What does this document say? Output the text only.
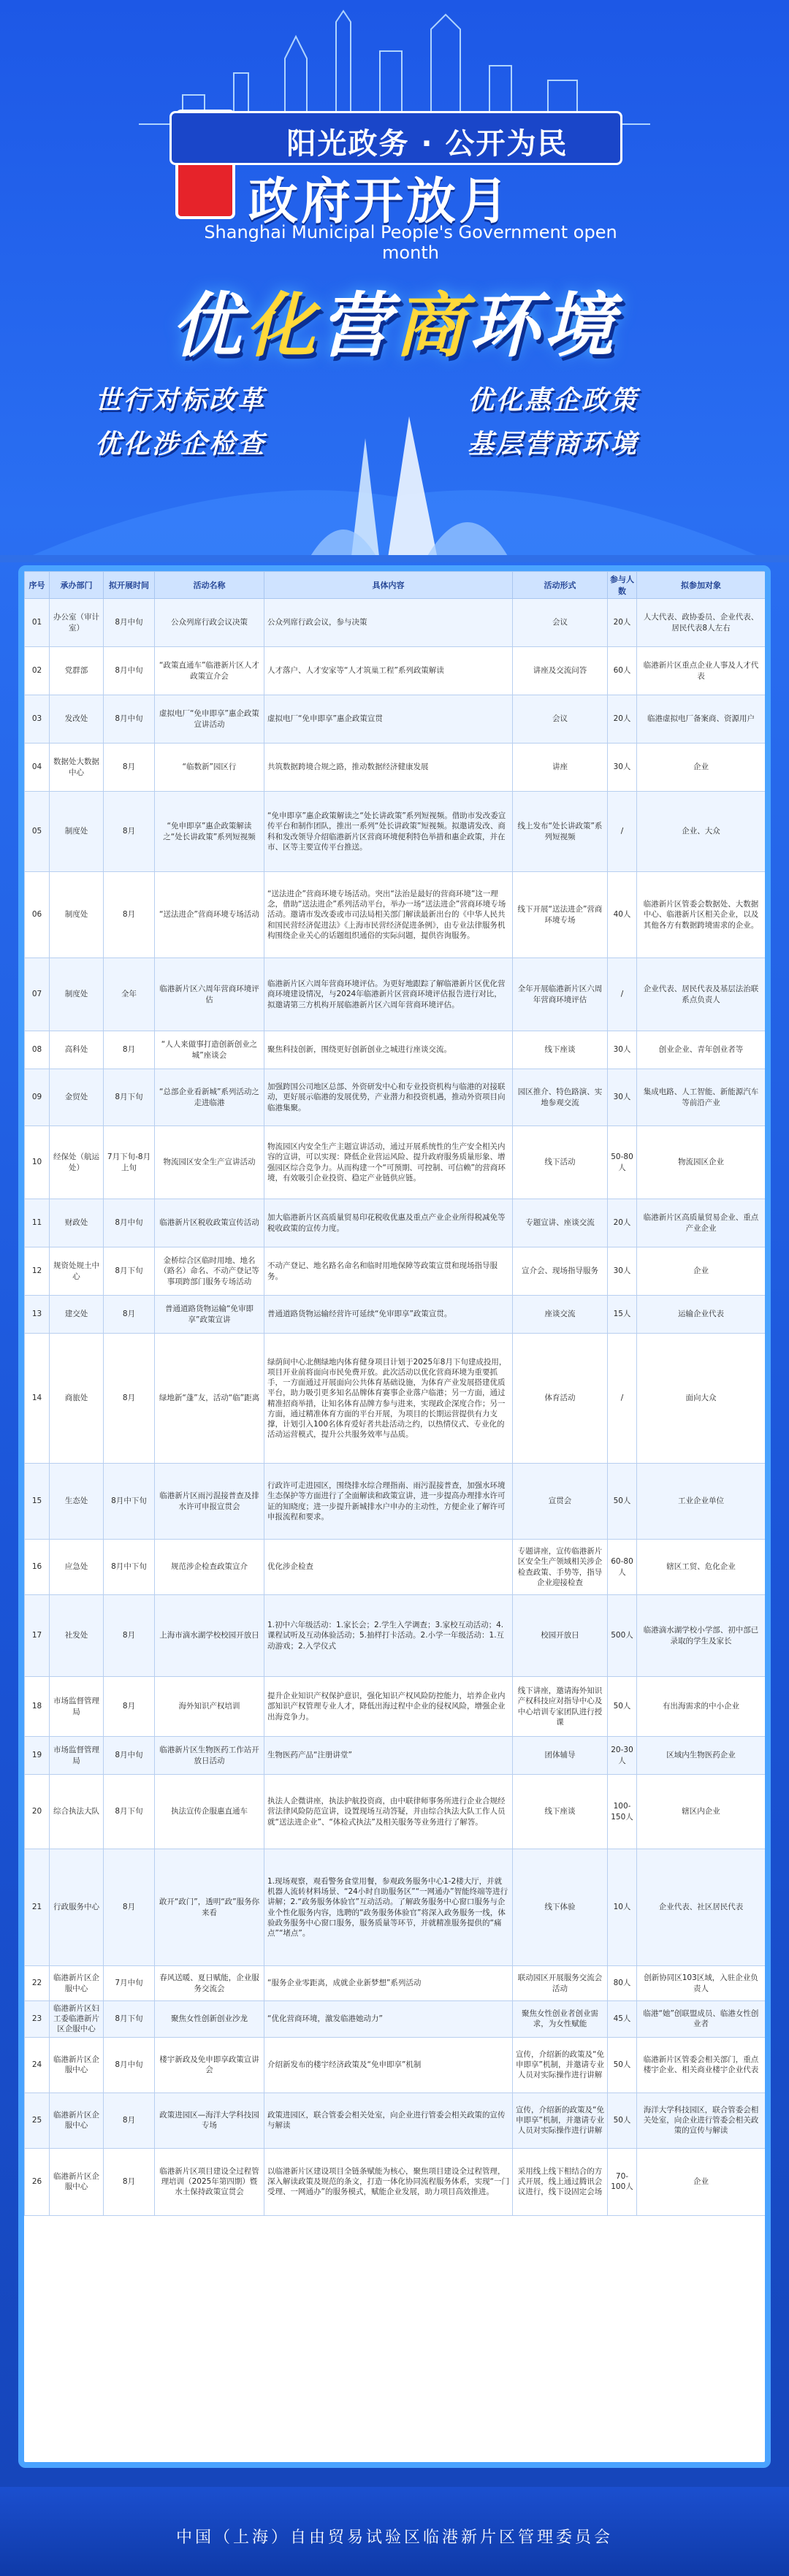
阳光政务 · 公开为民
政府开放月
Shanghai Municipal People's Government open month
优化营商环境
世行对标改革	优化惠企政策
优化涉企检查	基层营商环境
序号	承办部门	拟开展时间	活动名称	具体内容	活动形式	参与人数	拟参加对象
01	办公室（审计室）	8月中旬	公众列席行政会议决策	公众列席行政会议，参与决策	会议	20人	人大代表、政协委员、企业代表、居民代表8人左右
02	党群部	8月中旬	“政策直通车”临港新片区人才政策宣介会	人才落户、人才安家等“人才筑巢工程”系列政策解读	讲座及交流问答	60人	临港新片区重点企业人事及人才代表
03	发改处	8月中旬	虚拟电厂“免申即享”惠企政策宣讲活动	虚拟电厂“免申即享”惠企政策宣贯	会议	20人	临港虚拟电厂备案商、资源用户
04	数据处大数据中心	8月	“临数新”园区行	共筑数据跨境合规之路，推动数据经济健康发展	讲座	30人	企业
05	制度处	8月	“免申即享”惠企政策解读之“处长讲政策”系列短视频	“免申即享”惠企政策解读之“处长讲政策”系列短视频。借助市发改委宣传平台和制作团队，推出一系列“处长讲政策”短视频。拟邀请发改、商科和发改领导介绍临港新片区营商环境便利特色举措和惠企政策，并在市、区等主要宣传平台推送。	线上发布“处长讲政策”系列短视频	/	企业、大众
06	制度处	8月	“送法进企”营商环境专场活动	“送法进企”营商环境专场活动。突出“法治是最好的营商环境”这一理念，借助“送法进企”系列活动平台，举办一场“送法进企”营商环境专场活动。邀请市发改委或市司法局相关部门解读最新出台的《中华人民共和国民营经济促进法》《上海市民营经济促进条例》，由专业法律服务机构围绕企业关心的话题组织通俗的实际问题，提供咨询服务。	线下开展“送法进企”营商环境专场	40人	临港新片区管委会数据处、大数据中心、临港新片区相关企业，以及其他各方有数据跨境需求的企业。
07	制度处	全年	临港新片区六周年营商环境评估	临港新片区六周年营商环境评估。为更好地跟踪了解临港新片区优化营商环境建设情况，与2024年临港新片区营商环境评估报告进行对比，拟邀请第三方机构开展临港新片区六周年营商环境评估。	全年开展临港新片区六周年营商环境评估	/	企业代表、居民代表及基层法治联系点负责人
08	高科处	8月	“人人来做事打造创新创业之城”座谈会	聚焦科技创新，围绕更好创新创业之城进行座谈交流。	线下座谈	30人	创业企业、青年创业者等
09	金贸处	8月下旬	“总部企业看新城”系列活动之走进临港	加强跨国公司地区总部、外资研发中心和专业投资机构与临港的对接联动，更好展示临港的发展优势，产业潜力和投资机遇，推动外资项目向临港集聚。	园区推介、特色路演、实地参观交流	30人	集成电路、人工智能、新能源汽车等前沿产业
10	经保处（航运处）	7月下旬-8月上旬	物流园区安全生产宣讲活动	物流园区内安全生产主题宣讲活动，通过开展系统性的生产安全相关内容的宣讲，可以实现：降低企业营运风险、提升政府服务质量形象、增强园区综合竞争力。从而构建一个“可预期、可控制、可信赖”的营商环境，有效吸引企业投资、稳定产业链供应链。	线下活动	50-80人	物流园区企业
11	财政处	8月中旬	临港新片区税收政策宣传活动	加大临港新片区高质量贸易印花税收优惠及重点产业企业所得税减免等税收政策的宣传力度。	专题宣讲、座谈交流	20人	临港新片区高质量贸易企业、重点产业企业
12	规资处规土中心	8月下旬	金桥综合区临时用地、地名（路名）命名、不动产登记等事项跨部门服务专场活动	不动产登记、地名路名命名和临时用地保障等政策宣贯和现场指导服务。	宣介会、现场指导服务	30人	企业
13	建交处	8月	普通道路货物运输“免审即享”政策宣讲	普通道路货物运输经营许可延续“免审即享”政策宣贯。	座谈交流	15人	运输企业代表
14	商旅处	8月	绿地新“蓬”友，活动“临”距离	绿荫间中心北侧绿地内体育健身项目计划于2025年8月下旬建成投用，项目开业前将面向市民免费开放。此次活动以优化营商环境为重要抓手，一方面通过开展面向公共体育基础设施，为体育产业发展搭建优质平台，助力吸引更多知名品牌体育赛事企业落户临港；另一方面，通过精准招商举措，让知名体育品牌方参与进来，实现政企深度合作；另一方面，通过精准体育方面的平台开展，为项目的长期运营提供有力支撑，计划引入100名体育爱好者共赴活动之约，以热情仪式、专业化的活动运营模式，提升公共服务效率与品质。	体育活动	/	面向大众
15	生态处	8月中下旬	临港新片区雨污混接普查及排水许可申报宣贯会	行政许可走进园区，围绕排水综合理指南、雨污混接普查，加强水环境生态保护等方面进行了全面解读和政策宣讲，进一步提高办理排水许可证的知晓度；进一步提升新城排水户申办的主动性，方便企业了解许可申报流程和要求。	宣贯会	50人	工业企业单位
16	应急处	8月中下旬	规范涉企检查政策宣介	优化涉企检查	专题讲座，宣传临港新片区安全生产领域相关涉企检查政策、手势等，指导企业迎接检查	60-80人	辖区工贸、危化企业
17	社发处	8月	上海市滴水湖学校校园开放日	1.初中六年级活动：1.家长会；2.学生入学调查；3.家校互动活动；4.课程试听及互动体验活动；5.抽样打卡活动。2.小学一年级活动：1.互动游戏；2.入学仪式	校园开放日	500人	临港滴水湖学校小学部、初中部已录取的学生及家长
18	市场监督管理局	8月	海外知识产权培训	提升企业知识产权保护意识，强化知识产权风险防控能力，培养企业内部知识产权管理专业人才，降低出海过程中企业的侵权风险，增强企业出海竞争力。	线下讲座，邀请海外知识产权科技应对指导中心及中心培训专家团队进行授课	50人	有出海需求的中小企业
19	市场监督管理局	8月中旬	临港新片区生物医药工作站开放日活动	生物医药产品“注册讲堂”	团体辅导	20-30人	区域内生物医药企业
20	综合执法大队	8月下旬	执法宣传企服惠直通车	执法人企微讲座，执法护航投资商，由中联律师事务所进行企业合规经营法律风险防范宣讲，设置现场互动答疑，并由综合执法大队工作人员就“送法进企业”、“体检式执法”及相关服务等业务进行了解答。	线下座谈	100-150人	辖区内企业
21	行政服务中心	8月	敢开“政门”，透明“政”服务你来看	1.现场观察，观看警务食堂用餐，参观政务服务中心1-2楼大厅，并就机器人流转材料场景、“24小时自助服务区”“一网通办”智能终端等进行讲解；2.“政务服务体验官”互动活动。了解政务服务中心窗口服务与企业个性化服务内容，选聘的“政务服务体验官”将深入政务服务一线，体验政务服务中心窗口服务，服务质量等环节，并就精准服务提供的“痛点”“堵点”。	线下体验	10人	企业代表、社区居民代表
22	临港新片区企服中心	7月中旬	春风送暖、夏日赋能，企业服务交流会	“服务企业零距离，成就企业新梦想”系列活动	联动园区开展服务交流会活动	80人	创新协同区103区域，入驻企业负责人
23	临港新片区妇工委临港新片区企服中心	8月下旬	聚焦女性创新创业沙龙	“优化营商环境，激发临港她动力”	聚焦女性创业者创业需求，为女性赋能	45人	临港“她”创联盟成员、临港女性创业者
24	临港新片区企服中心	8月中旬	楼宇新政及免申即享政策宣讲会	介绍新发布的楼宇经济政策及“免申即享”机制	宣传，介绍新的政策及“免申即享”机制，并邀请专业人员对实际操作进行讲解	50人	临港新片区管委会相关部门，重点楼宇企业、相关商业楼宇企业代表
25	临港新片区企服中心	8月	政策进园区—海洋大学科技园专场	政策进园区，联合管委会相关处室，向企业进行管委会相关政策的宣传与解读	宣传，介绍新的政策及“免申即享”机制，并邀请专业人员对实际操作进行讲解	50人	海洋大学科技园区，联合管委会相关处室，向企业进行管委会相关政策的宣传与解读
26	临港新片区企服中心	8月	临港新片区项目建设全过程管理培训（2025年第四期）暨水土保持政策宣贯会	以临港新片区建设项目全链条赋能为核心，聚焦项目建设全过程管理，深入解读政策及规范的条文，打造一体化协同流程服务体系，实现“一门受理、一网通办”的服务模式，赋能企业发展，助力项目高效推进。	采用线上线下相结合的方式开展，线上通过腾讯会议进行，线下设固定会场	70-100人	企业
中国（上海）自由贸易试验区临港新片区管理委员会
